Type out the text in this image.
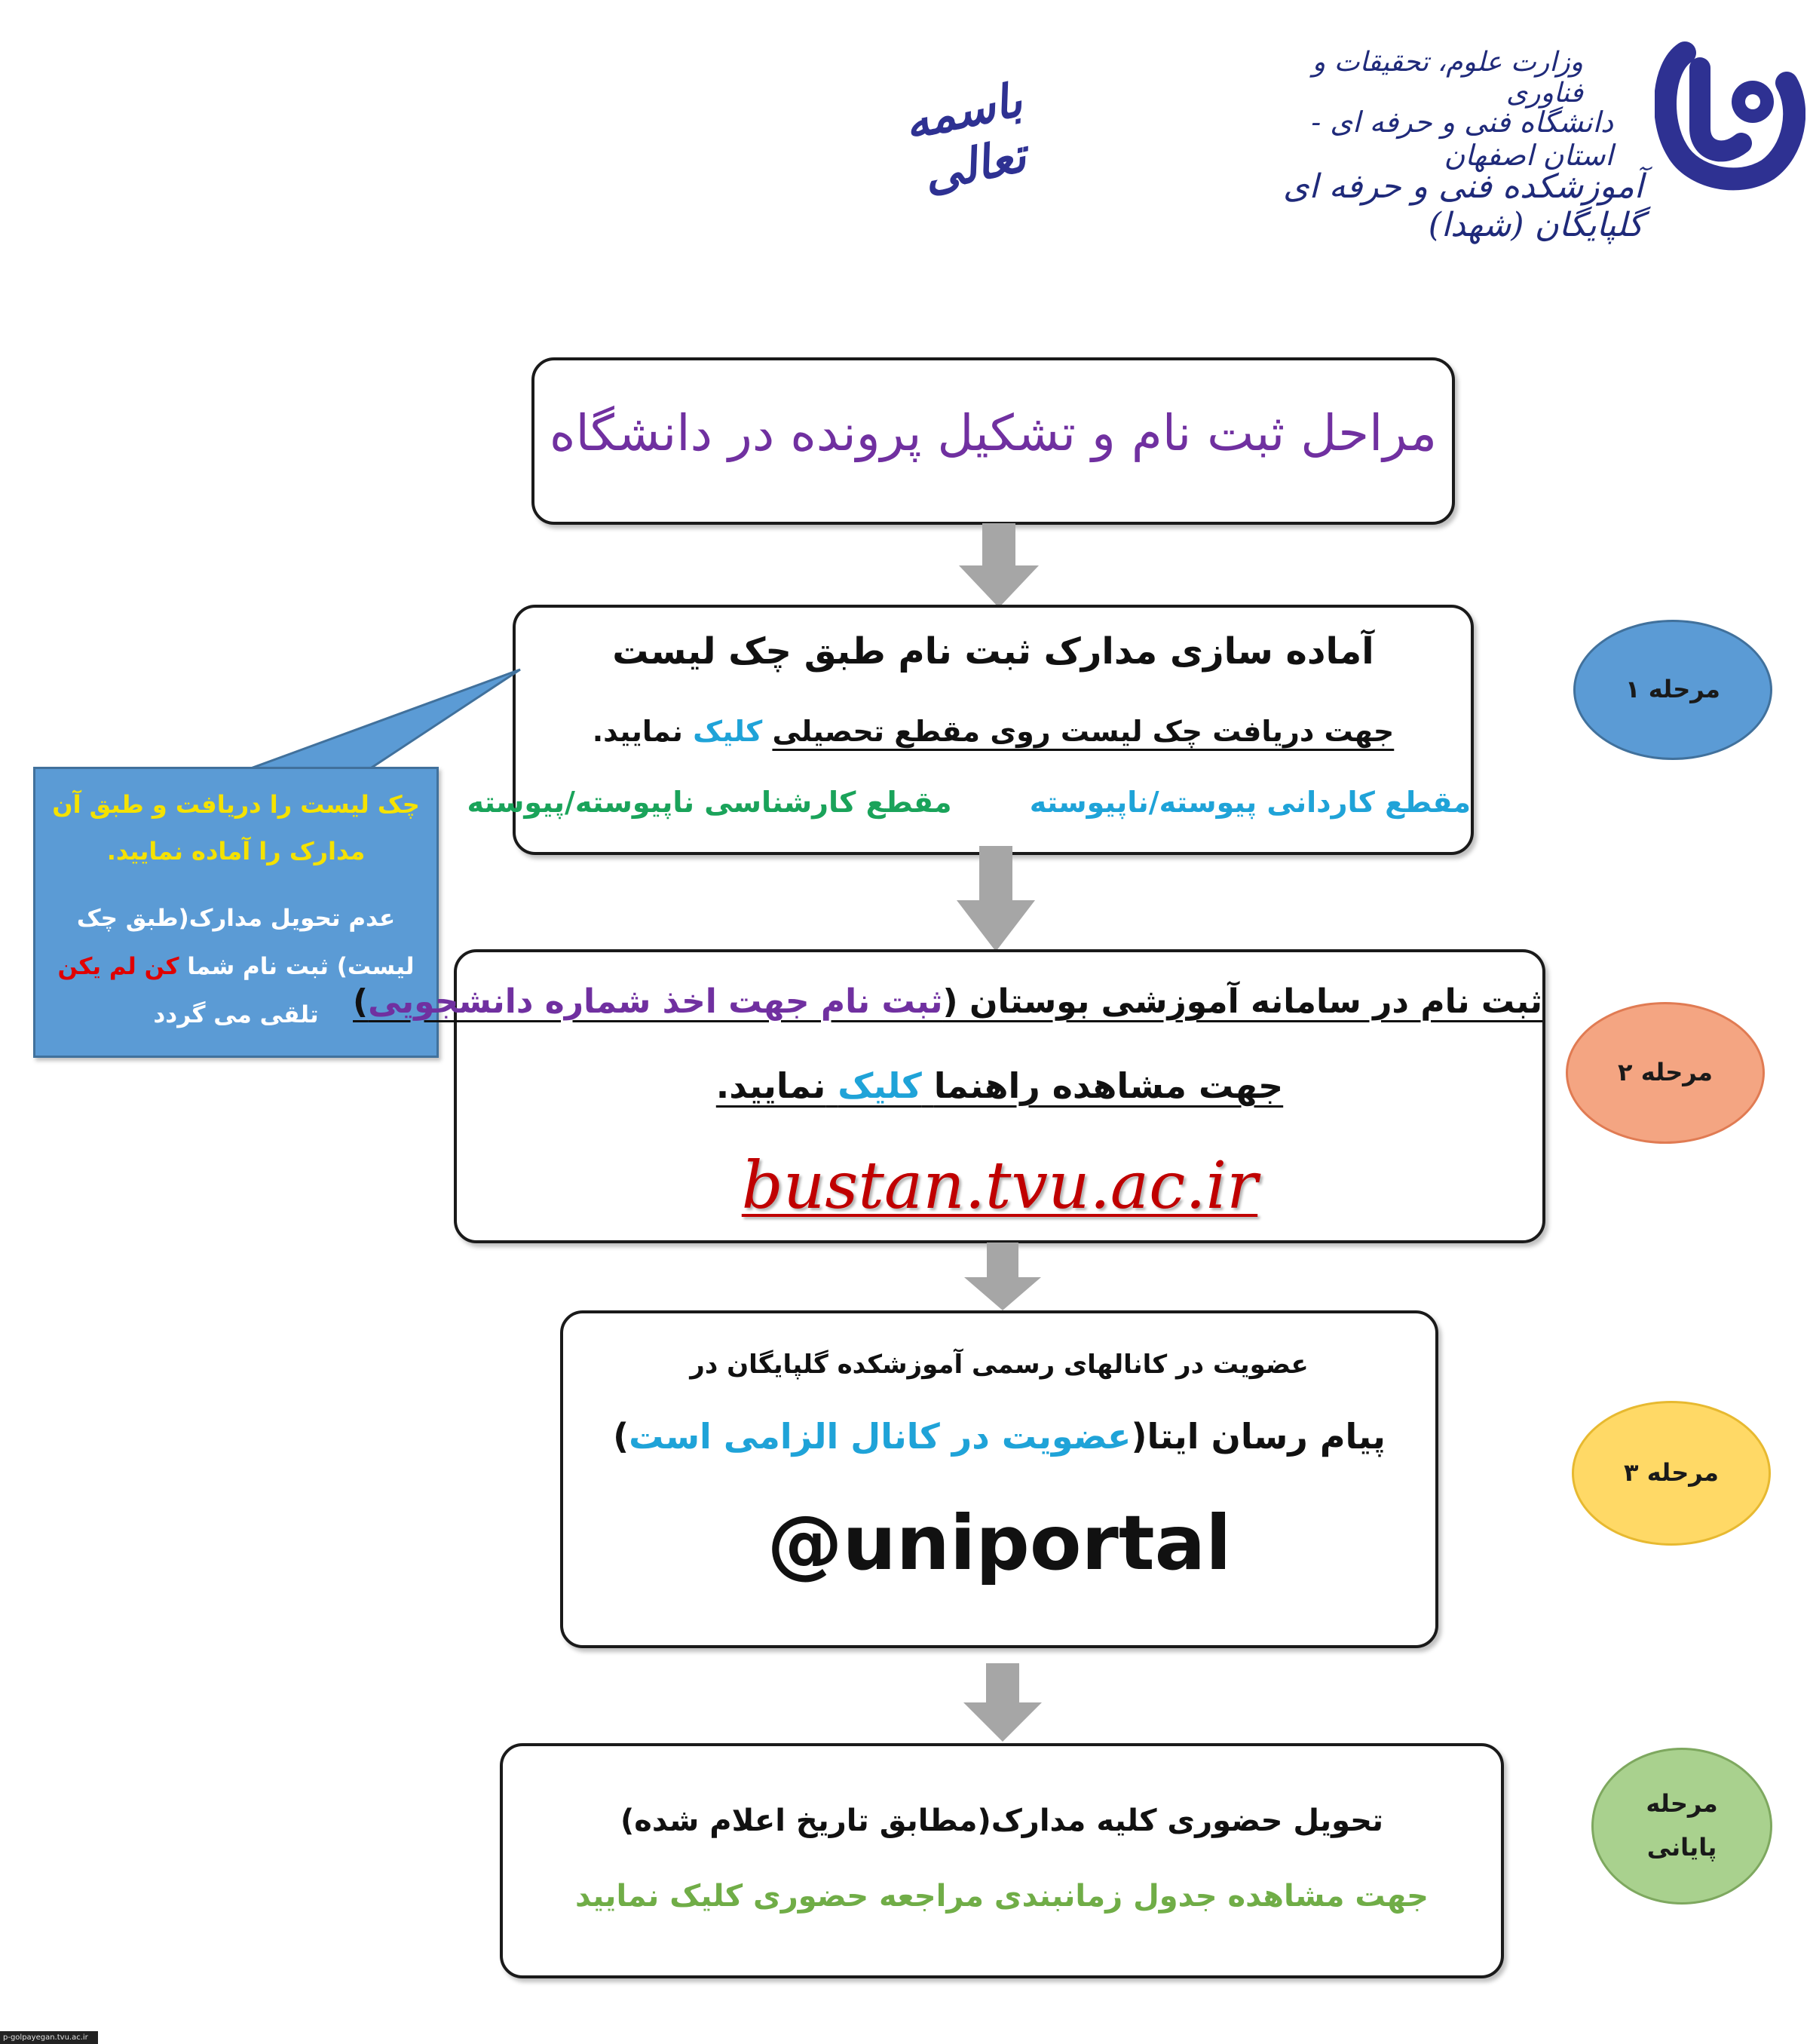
وزارت علوم، تحقیقات و فناوری
دانشگاه فنی و حرفه ای - استان اصفهان
آموزشکده فنی و حرفه ای گلپایگان (شهدا)
باسمه تعالی
مراحل ثبت نام و تشکیل پرونده در دانشگاه
آماده سازی مدارک ثبت نام طبق چک لیست
جهت دریافت چک لیست روی مقطع تحصیلی کلیک نمایید.
مقطع کاردانی پیوسته/ناپیوسته مقطع کارشناسی ناپیوسته/پیوسته
چک لیست را دریافت و طبق آن
مدارک را آماده نمایید.
عدم تحویل مدارک(طبق چک
لیست) ثبت نام شما کن لم یکن
تلقی می گردد
مرحله ۱
ثبت نام در سامانه آموزشی بوستان (ثبت نام جهت اخذ شماره دانشجویی)
جهت مشاهده راهنما کلیک نمایید.
bustan.tvu.ac.ir
مرحله ۲
عضویت در کانالهای رسمی آموزشکده گلپایگان در
پیام رسان ایتا(عضویت در کانال الزامی است)
@uniportal
مرحله ۳
تحویل حضوری کلیه مدارک(مطابق تاریخ اعلام شده)
جهت مشاهده جدول زمانبندی مراجعه حضوری کلیک نمایید
مرحله
پایانی
p-golpayegan.tvu.ac.ir
